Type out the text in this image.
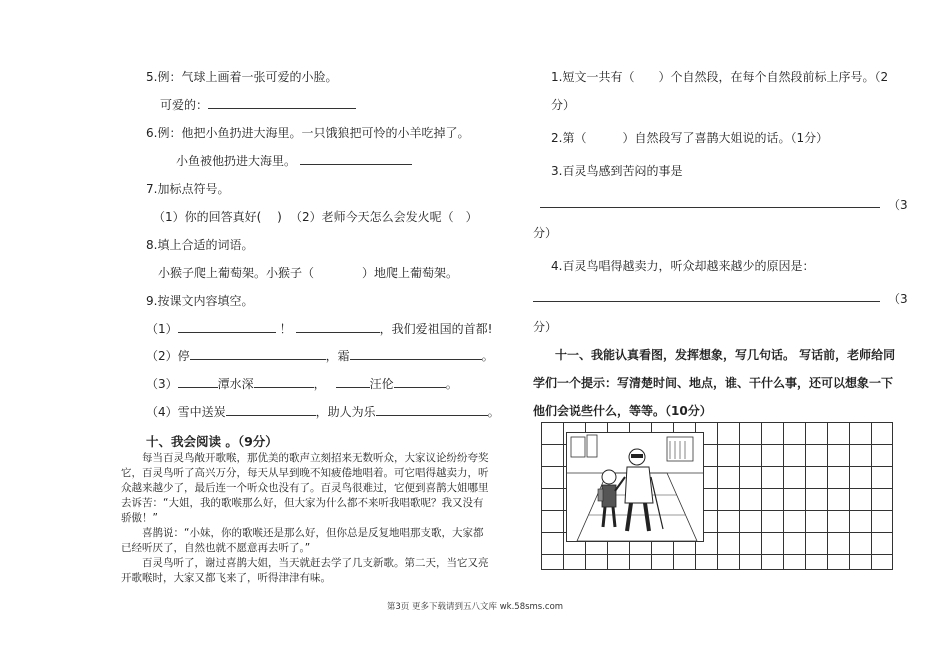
5.例：气球上画着一张可爱的小脸。
可爱的：
6.例：他把小鱼扔进大海里。一只饿狼把可怜的小羊吃掉了。
小鱼被他扔进大海里。
7.加标点符号。
（1）你的回答真好(　 ) （2）老师今天怎么会发火呢（　）
8.填上合适的词语。
小猴子爬上葡萄架。小猴子（	）地爬上葡萄架。
9.按课文内容填空。
（1）	！	，我们爱祖国的首都!
（2）停	，霜	。
（3）	潭水深	，	汪伦	。
（4）雪中送炭	，助人为乐	。
十、我会阅读 。（9分）

每当百灵鸟敞开歌喉，那优美的歌声立刻招来无数听众，大家议论纷纷夸奖它，百灵鸟听了高兴万分，每天从早到晚不知疲倦地唱着。可它唱得越卖力，听众越来越少了，最后连一个听众也没有了。百灵鸟很难过，它便到喜鹊大姐哪里去诉苦：“大姐，我的歌喉那么好，但大家为什么都不来听我唱歌呢？我又没有骄傲！”

喜鹊说：“小妹，你的歌喉还是那么好，但你总是反复地唱那支歌，大家都已经听厌了，自然也就不愿意再去听了。”

百灵鸟听了，谢过喜鹊大姐，当天就赶去学了几支新歌。第二天，当它又亮开歌喉时，大家又都飞来了，听得津津有味。

1.短文一共有（　　）个自然段，在每个自然段前标上序号。（2
分）
2.第（　　　）自然段写了喜鹊大姐说的话。（1分）
3.百灵鸟感到苦闷的事是
（3
分）
4.百灵鸟唱得越卖力，听众却越来越少的原因是：
（3
分）
十一、我能认真看图，发挥想象，写几句话。 写话前，老师给同
学们一个提示：写清楚时间、地点，谁、干什么事，还可以想象一下
他们会说些什么，等等。（10分）
第3页 更多下载请到五八文库 wk.58sms.com
